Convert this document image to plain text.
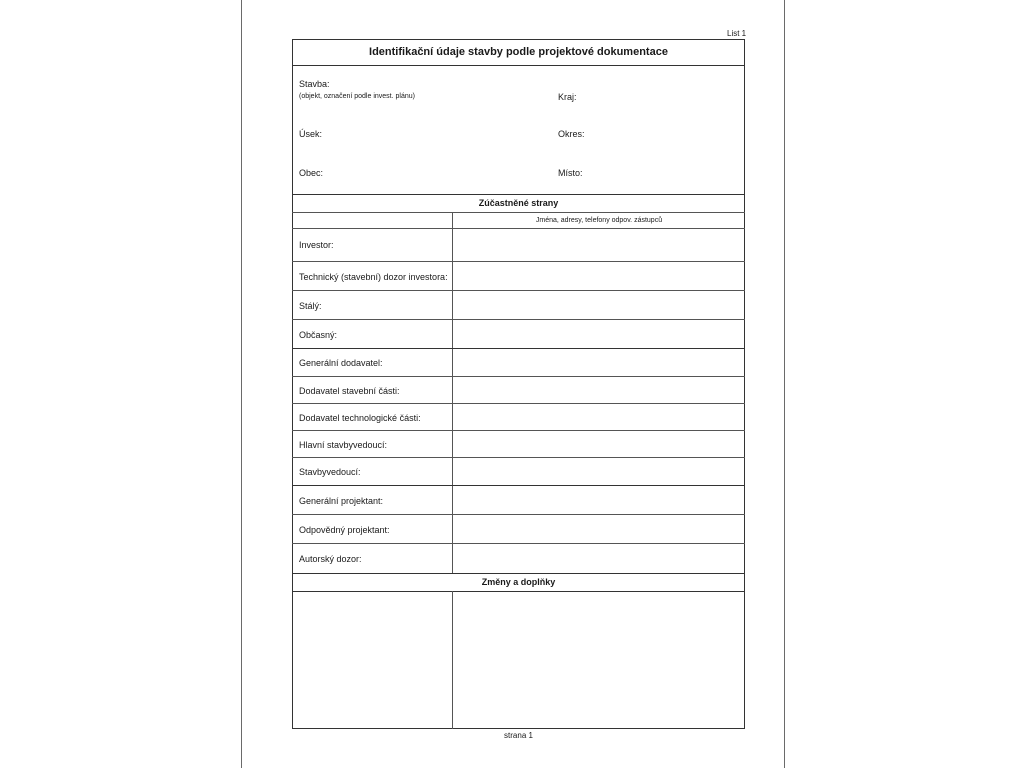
List 1
Identifikační údaje stavby podle projektové dokumentace
Stavba:
(objekt, označení podle invest. plánu)	Kraj:
Úsek:	Okres:
Obec:	Místo:
Zúčastněné strany
Jména, adresy, telefony odpov. zástupců
Investor:
Technický (stavební) dozor investora:
Stálý:
Občasný:
Generální dodavatel:
Dodavatel stavební části:
Dodavatel technologické části:
Hlavní stavbyvedoucí:
Stavbyvedoucí:
Generální projektant:
Odpovědný projektant:
Autorský dozor:
Změny a doplňky
strana 1
